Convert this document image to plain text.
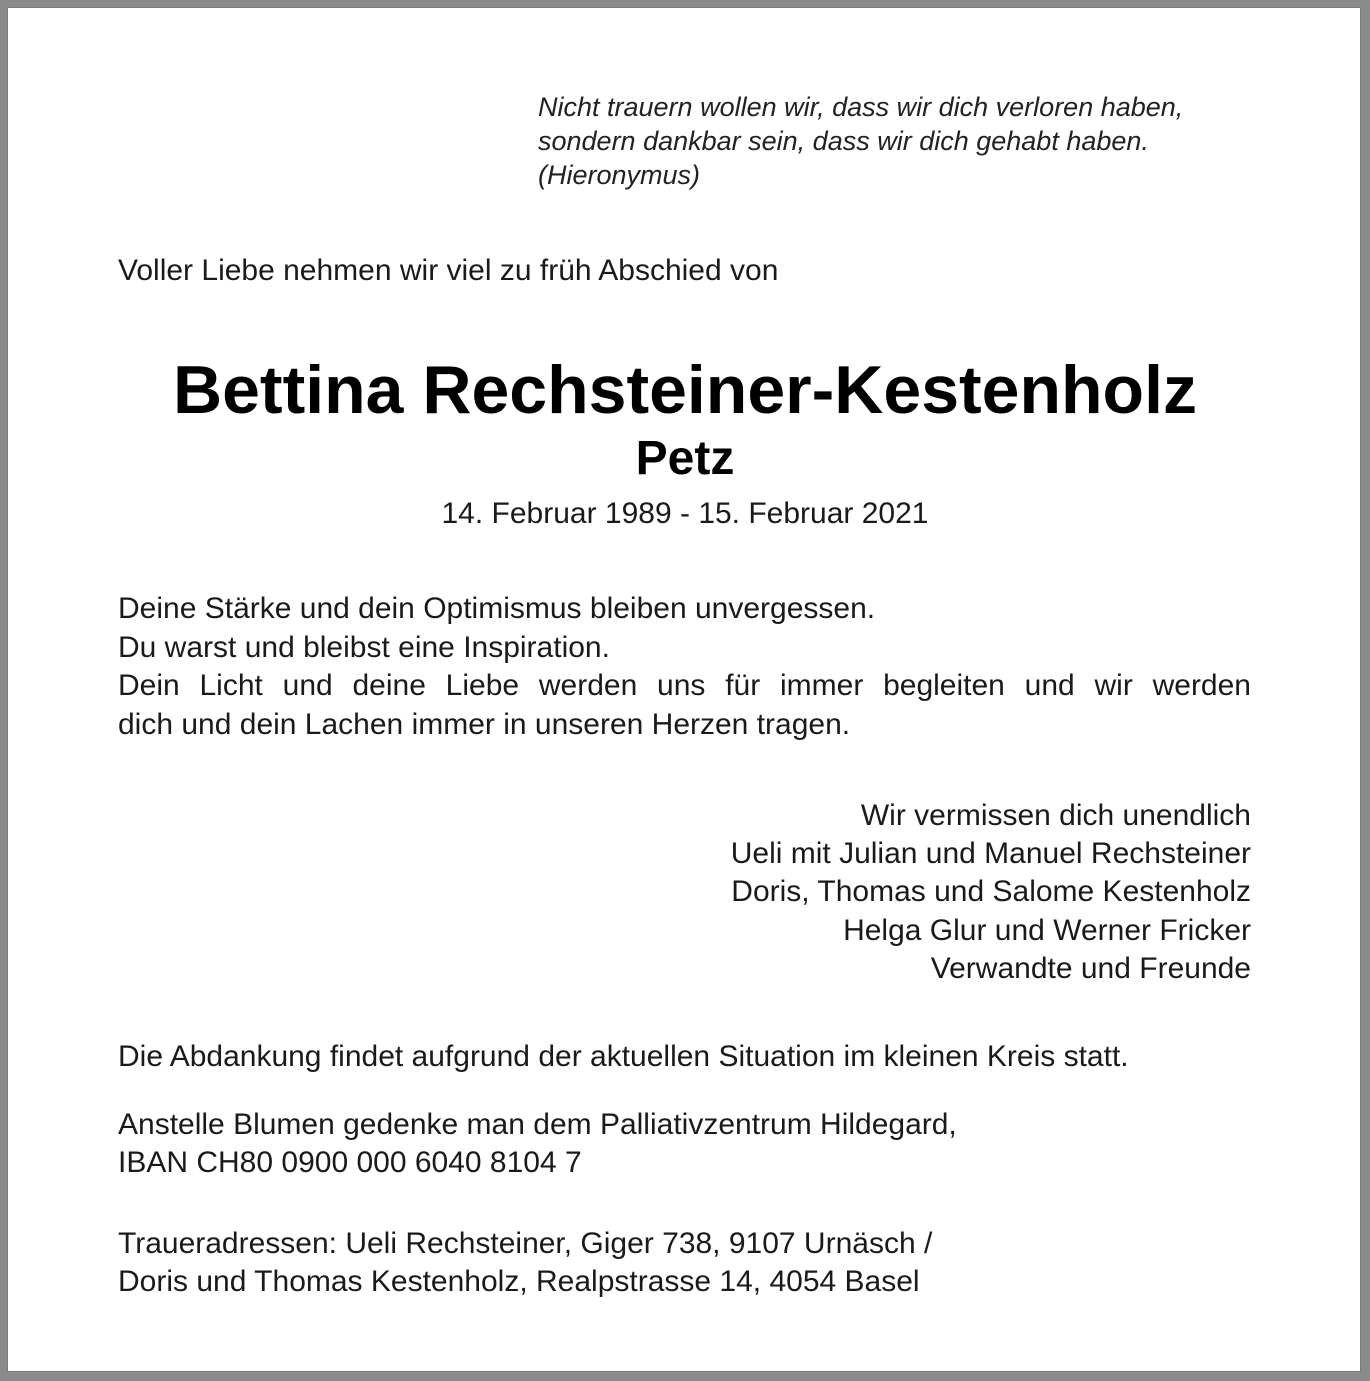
Nicht trauern wollen wir, dass wir dich verloren haben,
sondern dankbar sein, dass wir dich gehabt haben.
(Hieronymus)
Voller Liebe nehmen wir viel zu früh Abschied von
Bettina Rechsteiner-Kestenholz
Petz
14. Februar 1989 - 15. Februar 2021
Deine Stärke und dein Optimismus bleiben unvergessen.
Du warst und bleibst eine Inspiration.
Dein Licht und deine Liebe werden uns für immer begleiten und wir werden
dich und dein Lachen immer in unseren Herzen tragen.
Wir vermissen dich unendlich
Ueli mit Julian und Manuel Rechsteiner
Doris, Thomas und Salome Kestenholz
Helga Glur und Werner Fricker
Verwandte und Freunde
Die Abdankung findet aufgrund der aktuellen Situation im kleinen Kreis statt.
Anstelle Blumen gedenke man dem Palliativzentrum Hildegard,
IBAN CH80 0900 000 6040 8104 7
Traueradressen: Ueli Rechsteiner, Giger 738, 9107 Urnäsch /
Doris und Thomas Kestenholz, Realpstrasse 14, 4054 Basel
